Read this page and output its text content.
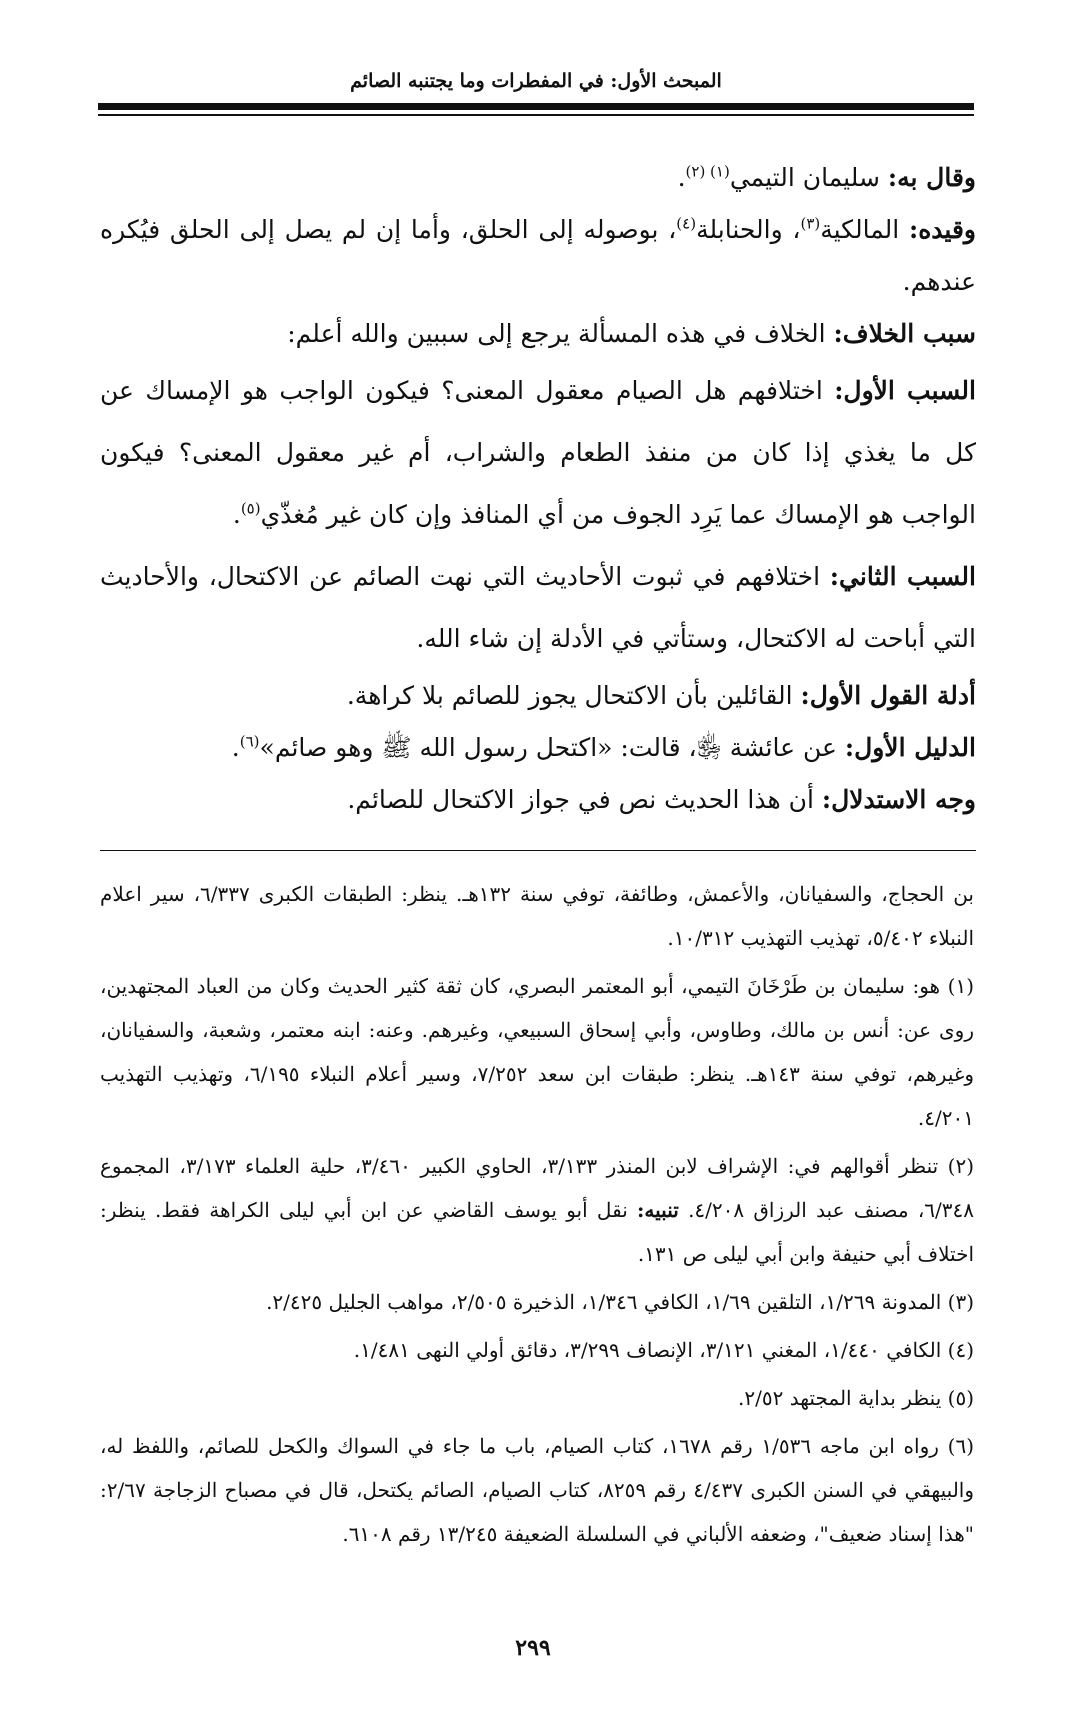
المبحث الأول: في المفطرات وما يجتنبه الصائم

وقال به: سليمان التيمي$^{(١) (٢)}$.

وقيده: المالكية$^{(٣)}$، والحنابلة$^{(٤)}$، بوصوله إلى الحلق، وأما إن لم يصل إلى الحلق فيُكره عندهم.

سبب الخلاف: الخلاف في هذه المسألة يرجع إلى سببين والله أعلم:

السبب الأول: اختلافهم هل الصيام معقول المعنى؟ فيكون الواجب هو الإمساك عن كل ما يغذي إذا كان من منفذ الطعام والشراب، أم غير معقول المعنى؟ فيكون الواجب هو الإمساك عما يَرِد الجوف من أي المنافذ وإن كان غير مُغذّي$^{(٥)}$.

السبب الثاني: اختلافهم في ثبوت الأحاديث التي نهت الصائم عن الاكتحال، والأحاديث التي أباحت له الاكتحال، وستأتي في الأدلة إن شاء الله.

أدلة القول الأول: القائلين بأن الاكتحال يجوز للصائم بلا كراهة.

الدليل الأول: عن عائشة ﵂، قالت: «اكتحل رسول الله ﷺ وهو صائم»$^{(٦)}$.

وجه الاستدلال: أن هذا الحديث نص في جواز الاكتحال للصائم.

بن الحجاج، والسفيانان، والأعمش، وطائفة، توفي سنة ١٣٢هـ. ينظر: الطبقات الكبرى ٦/٣٣٧، سير اعلام النبلاء ٥/٤٠٢، تهذيب التهذيب ١٠/٣١٢.

(١) هو: سليمان بن طَرْخَانَ التيمي، أبو المعتمر البصري، كان ثقة كثير الحديث وكان من العباد المجتهدين، روى عن: أنس بن مالك، وطاوس، وأبي إسحاق السبيعي، وغيرهم. وعنه: ابنه معتمر، وشعبة، والسفيانان، وغيرهم، توفي سنة ١٤٣هـ. ينظر: طبقات ابن سعد ٧/٢٥٢، وسير أعلام النبلاء ٦/١٩٥، وتهذيب التهذيب ٤/٢٠١.

(٢) تنظر أقوالهم في: الإشراف لابن المنذر ٣/١٣٣، الحاوي الكبير ٣/٤٦٠، حلية العلماء ٣/١٧٣، المجموع ٦/٣٤٨، مصنف عبد الرزاق ٤/٢٠٨. تنبيه: نقل أبو يوسف القاضي عن ابن أبي ليلى الكراهة فقط. ينظر: اختلاف أبي حنيفة وابن أبي ليلى ص ١٣١.

(٣) المدونة ١/٢٦٩، التلقين ١/٦٩، الكافي ١/٣٤٦، الذخيرة ٢/٥٠٥، مواهب الجليل ٢/٤٢٥.

(٤) الكافي ١/٤٤٠، المغني ٣/١٢١، الإنصاف ٣/٢٩٩، دقائق أولي النهى ١/٤٨١.

(٥) ينظر بداية المجتهد ٢/٥٢.

(٦) رواه ابن ماجه ١/٥٣٦ رقم ١٦٧٨، كتاب الصيام، باب ما جاء في السواك والكحل للصائم، واللفظ له، والبيهقي في السنن الكبرى ٤/٤٣٧ رقم ٨٢٥٩، كتاب الصيام، الصائم يكتحل، قال في مصباح الزجاجة ٢/٦٧: "هذا إسناد ضعيف"، وضعفه الألباني في السلسلة الضعيفة ١٣/٢٤٥ رقم ٦١٠٨.

٢٩٩
